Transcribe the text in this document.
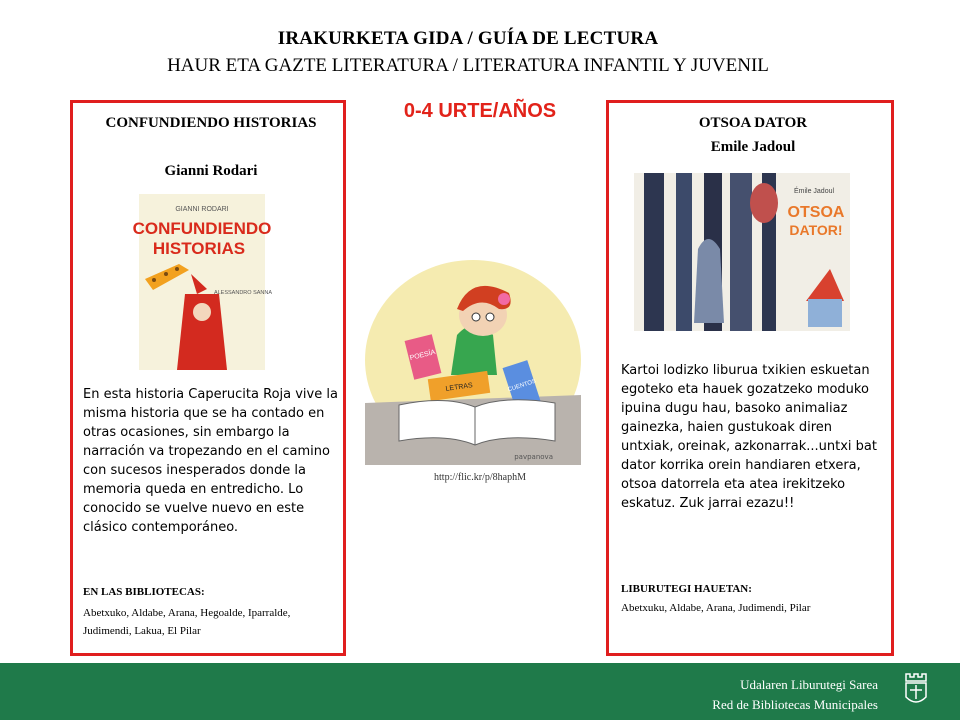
IRAKURKETA GIDA / GUÍA DE LECTURA
HAUR ETA GAZTE LITERATURA / LITERATURA INFANTIL Y JUVENIL
0-4 URTE/AÑOS
CONFUNDIENDO HISTORIAS
Gianni Rodari
GIANNI RODARI
CONFUNDIENDO
HISTORIAS
ALESSANDRO SANNA
En esta historia Caperucita Roja vive la misma historia que se ha contado en otras ocasiones, sin embargo la narración va tropezando en el camino con sucesos inesperados donde la memoria queda en entredicho. Lo conocido se vuelve nuevo en este clásico contemporáneo.
EN LAS BIBLIOTECAS:
Abetxuko, Aldabe, Arana, Hegoalde, Iparralde, Judimendi, Lakua, El Pilar
POESÍA
LETRAS	CUENTOS
pavpanova
http://flic.kr/p/8haphM
OTSOA DATOR
Emile Jadoul
Émile Jadoul
OTSOA
DATOR!
Kartoi lodizko liburua txikien eskuetan egoteko eta hauek gozatzeko moduko ipuina dugu hau, basoko animaliaz gainezka, haien gustukoak diren untxiak, oreinak, azkonarrak...untxi bat dator korrika orein handiaren etxera, otsoa datorrela eta atea irekitzeko eskatuz. Zuk jarrai ezazu!!
LIBURUTEGI HAUETAN:
Abetxuku, Aldabe, Arana, Judimendi, Pilar
Udalaren Liburutegi Sarea
Red de Bibliotecas Municipales
